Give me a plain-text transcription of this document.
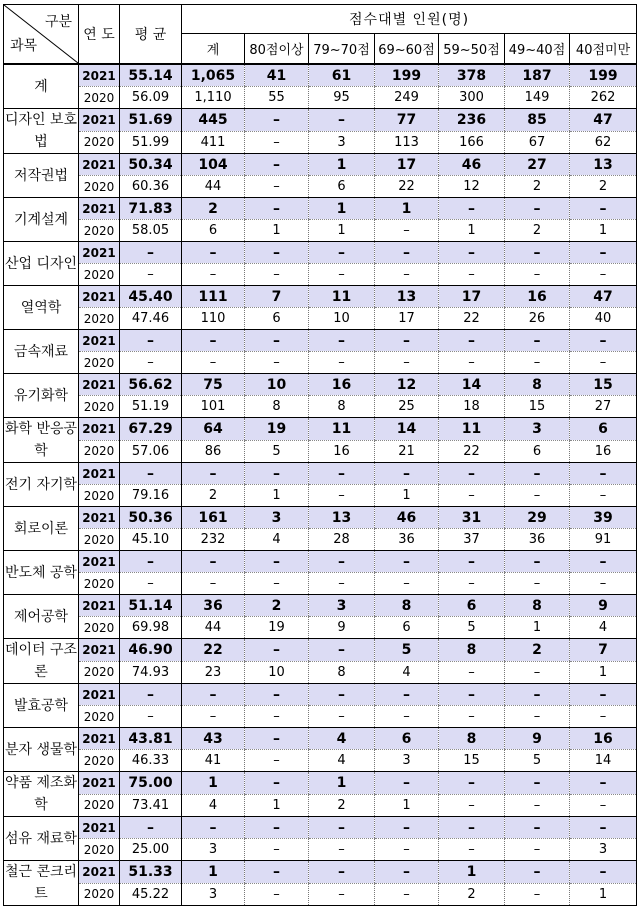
구분
과목	연 도	평 균	점수대별 인원(명)						
			계	80점이상	79~70점	69~60점	59~50점	49~40점	40점미만
계	2021	55.14	1,065	41	61	199	378	187	199
	2020	56.09	1,110	55	95	249	300	149	262
디자인 보호법	2021	51.69	445	–	–	77	236	85	47
	2020	51.99	411	–	3	113	166	67	62
저작권법	2021	50.34	104	–	1	17	46	27	13
	2020	60.36	44	–	6	22	12	2	2
기계설계	2021	71.83	2	–	1	1	–	–	–
	2020	58.05	6	1	1	–	1	2	1
산업 디자인	2021	–	–	–	–	–	–	–	–
	2020	–	–	–	–	–	–	–	–
열역학	2021	45.40	111	7	11	13	17	16	47
	2020	47.46	110	6	10	17	22	26	40
금속재료	2021	–	–	–	–	–	–	–	–
	2020	–	–	–	–	–	–	–	–
유기화학	2021	56.62	75	10	16	12	14	8	15
	2020	51.19	101	8	8	25	18	15	27
화학 반응공학	2021	67.29	64	19	11	14	11	3	6
	2020	57.06	86	5	16	21	22	6	16
전기 자기학	2021	–	–	–	–	–	–	–	–
	2020	79.16	2	1	–	1	–	–	–
회로이론	2021	50.36	161	3	13	46	31	29	39
	2020	45.10	232	4	28	36	37	36	91
반도체 공학	2021	–	–	–	–	–	–	–	–
	2020	–	–	–	–	–	–	–	–
제어공학	2021	51.14	36	2	3	8	6	8	9
	2020	69.98	44	19	9	6	5	1	4
데이터 구조론	2021	46.90	22	–	–	5	8	2	7
	2020	74.93	23	10	8	4	–	–	1
발효공학	2021	–	–	–	–	–	–	–	–
	2020	–	–	–	–	–	–	–	–
분자 생물학	2021	43.81	43	–	4	6	8	9	16
	2020	46.33	41	–	4	3	15	5	14
약품 제조화학	2021	75.00	1	–	1	–	–	–	–
	2020	73.41	4	1	2	1	–	–	–
섬유 재료학	2021	–	–	–	–	–	–	–	–
	2020	25.00	3	–	–	–	–	–	3
철근 콘크리트	2021	51.33	1	–	–	–	1	–	–
	2020	45.22	3	–	–	–	2	–	1
